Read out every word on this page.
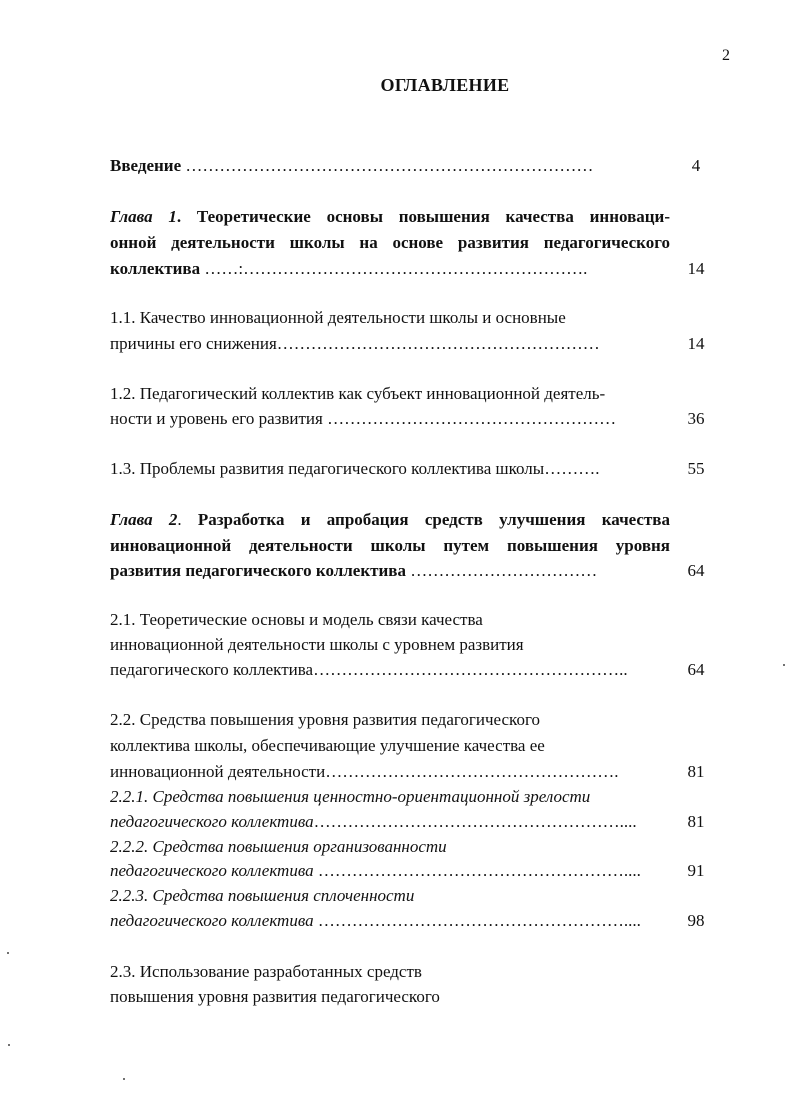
2
ОГЛАВЛЕНИЕ
Введение ………………………………………………………………	4
Глава 1. Теоретические основы повышения качества инноваци-
онной деятельности школы на основе развития педагогического
коллектива ……:…………………………………………………….	14
1.1. Качество инновационной деятельности школы и основные
причины его снижения…………………………………………………	14
1.2. Педагогический коллектив как субъект инновационной деятель-
ности и уровень его развития ……………………………………………	36
1.3. Проблемы развития педагогического коллектива школы……….	55
Глава 2. Разработка и апробация средств улучшения качества
инновационной деятельности школы путем повышения уровня
развития педагогического коллектива ……………………………	64
2.1. Теоретические основы и модель связи качества
инновационной деятельности школы с уровнем развития
педагогического коллектива………………………………………………..	64
2.2. Средства повышения уровня развития педагогического
коллектива школы, обеспечивающие улучшение качества ее
инновационной деятельности…………………………………………….	81
2.2.1. Средства повышения ценностно-ориентационной зрелости
педагогического коллектива………………………………………………....	81
2.2.2. Средства повышения организованности
педагогического коллектива ………………………………………………....	91
2.2.3. Средства повышения сплоченности
педагогического коллектива ………………………………………………....	98
2.3. Использование разработанных средств
повышения уровня развития педагогического
